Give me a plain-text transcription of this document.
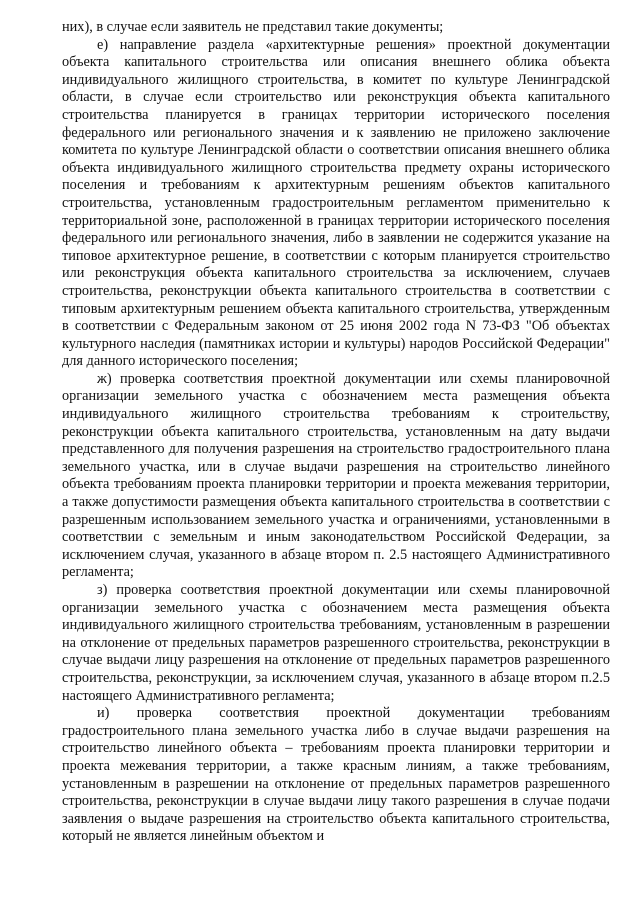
них), в случае если заявитель не представил такие документы;

е) направление раздела «архитектурные решения» проектной документации объекта капитального строительства или описания внешнего облика объекта индивидуального жилищного строительства, в комитет по культуре Ленинградской области, в случае если строительство или реконструкция объекта капитального строительства планируется в границах территории исторического поселения федерального или регионального значения и к заявлению не приложено заключение комитета по культуре Ленинградской области о соответствии описания внешнего облика объекта индивидуального жилищного строительства предмету охраны исторического поселения и требованиям к архитектурным решениям объектов капитального строительства, установленным градостроительным регламентом применительно к территориальной зоне, расположенной в границах территории исторического поселения федерального или регионального значения, либо в заявлении не содержится указание на типовое архитектурное решение, в соответствии с которым планируется строительство или реконструкция объекта капитального строительства за исключением, случаев строительства, реконструкции объекта капитального строительства в соответствии с типовым архитектурным решением объекта капитального строительства, утвержденным в соответствии с Федеральным законом от 25 июня 2002 года N 73-ФЗ "Об объектах культурного наследия (памятниках истории и культуры) народов Российской Федерации" для данного исторического поселения;

ж) проверка соответствия проектной документации или схемы планировочной организации земельного участка с обозначением места размещения объекта индивидуального жилищного строительства требованиям к строительству, реконструкции объекта капитального строительства, установленным на дату выдачи представленного для получения разрешения на строительство градостроительного плана земельного участка, или в случае выдачи разрешения на строительство линейного объекта требованиям проекта планировки территории и проекта межевания территории, а также допустимости размещения объекта капитального строительства в соответствии с разрешенным использованием земельного участка и ограничениями, установленными в соответствии с земельным и иным законодательством Российской Федерации, за исключением случая, указанного в абзаце втором п. 2.5 настоящего Административного регламента;

з) проверка соответствия проектной документации или схемы планировочной организации земельного участка с обозначением места размещения объекта индивидуального жилищного строительства требованиям, установленным в разрешении на отклонение от предельных параметров разрешенного строительства, реконструкции в случае выдачи лицу разрешения на отклонение от предельных параметров разрешенного строительства, реконструкции, за исключением случая, указанного в абзаце втором п.2.5 настоящего Административного регламента;

и) проверка соответствия проектной документации требованиям градостроительного плана земельного участка либо в случае выдачи разрешения на строительство линейного объекта – требованиям проекта планировки территории и проекта межевания территории, а также красным линиям, а также требованиям, установленным в разрешении на отклонение от предельных параметров разрешенного строительства, реконструкции в случае выдачи лицу такого разрешения в случае подачи заявления о выдаче разрешения на строительство объекта капитального строительства, который не является линейным объектом и
